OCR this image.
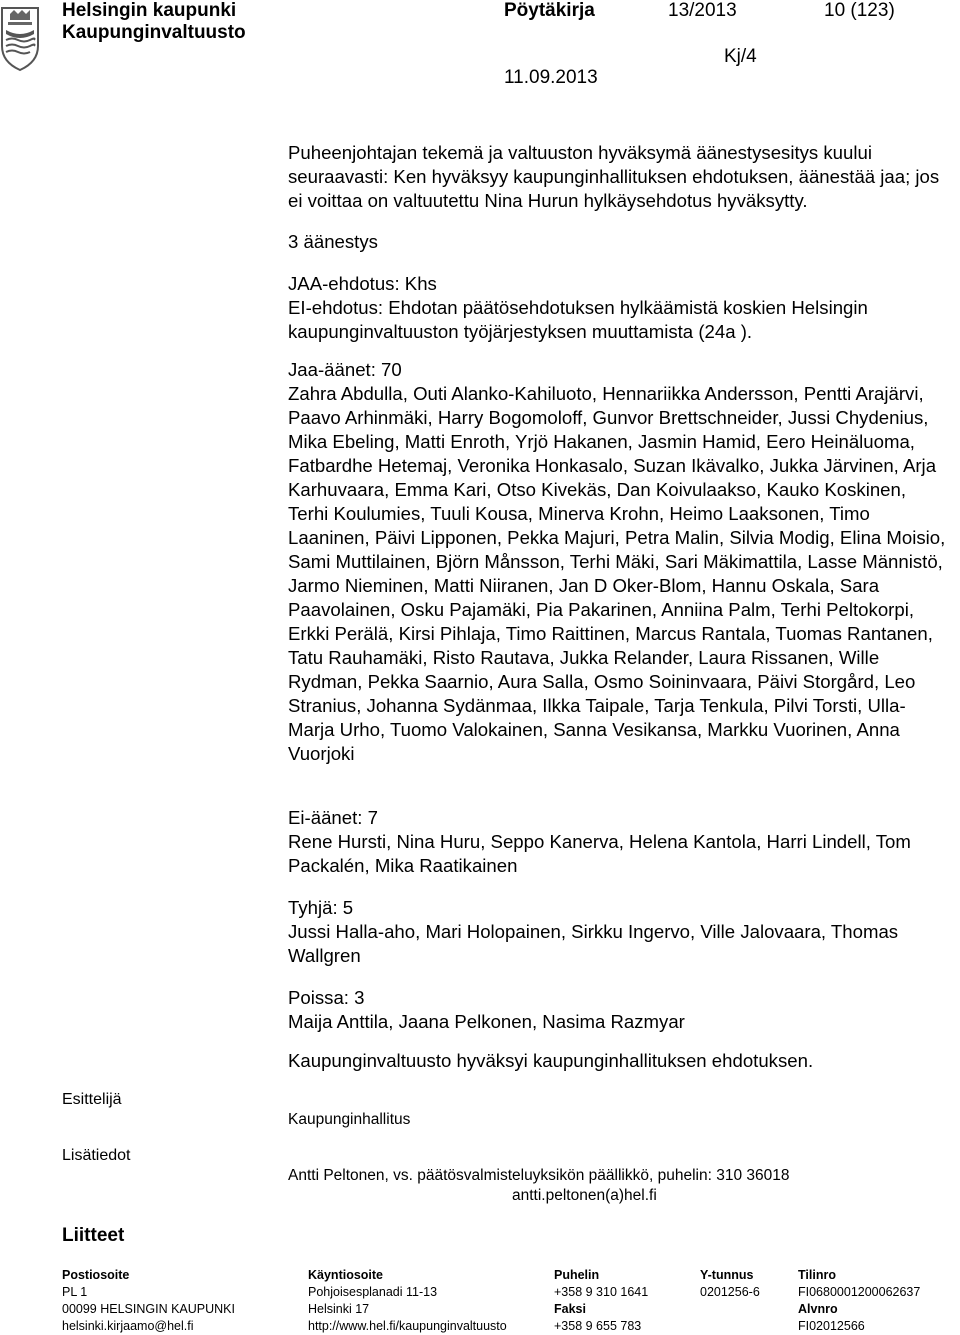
Helsingin kaupunki
Kaupunginvaltuusto
Pöytäkirja	13/2013	10 (123)
Kj/4
11.09.2013

Puheenjohtajan tekemä ja valtuuston hyväksymä äänestysesitys kuului seuraavasti: Ken hyväksyy kaupunginhallituksen ehdotuksen, äänestää jaa; jos ei voittaa on valtuutettu Nina Hurun hylkäysehdotus hyväksytty.

3 äänestys
JAA-ehdotus: Khs
EI-ehdotus: Ehdotan päätösehdotuksen hylkäämistä koskien Helsingin kaupunginvaltuuston työjärjestyksen muuttamista (24a ).
Jaa-äänet: 70
Zahra Abdulla, Outi Alanko-Kahiluoto, Hennariikka Andersson, Pentti Arajärvi, Paavo Arhinmäki, Harry Bogomoloff, Gunvor Brettschneider, Jussi Chydenius, Mika Ebeling, Matti Enroth, Yrjö Hakanen, Jasmin Hamid, Eero Heinäluoma, Fatbardhe Hetemaj, Veronika Honkasalo, Suzan Ikävalko, Jukka Järvinen, Arja Karhuvaara, Emma Kari, Otso Kivekäs, Dan Koivulaakso, Kauko Koskinen, Terhi Koulumies, Tuuli Kousa, Minerva Krohn, Heimo Laaksonen, Timo Laaninen, Päivi Lipponen, Pekka Majuri, Petra Malin, Silvia Modig, Elina Moisio, Sami Muttilainen, Björn Månsson, Terhi Mäki, Sari Mäkimattila, Lasse Männistö, Jarmo Nieminen, Matti Niiranen, Jan D Oker-Blom, Hannu Oskala, Sara Paavolainen, Osku Pajamäki, Pia Pakarinen, Anniina Palm, Terhi Peltokorpi, Erkki Perälä, Kirsi Pihlaja, Timo Raittinen, Marcus Rantala, Tuomas Rantanen, Tatu Rauhamäki, Risto Rautava, Jukka Relander, Laura Rissanen, Wille Rydman, Pekka Saarnio, Aura Salla, Osmo Soininvaara, Päivi Storgård, Leo Stranius, Johanna Sydänmaa, Ilkka Taipale, Tarja Tenkula, Pilvi Torsti, Ulla-Marja Urho, Tuomo Valokainen, Sanna Vesikansa, Markku Vuorinen, Anna Vuorjoki
Ei-äänet: 7
Rene Hursti, Nina Huru, Seppo Kanerva, Helena Kantola, Harri Lindell, Tom Packalén, Mika Raatikainen
Tyhjä: 5
Jussi Halla-aho, Mari Holopainen, Sirkku Ingervo, Ville Jalovaara, Thomas Wallgren
Poissa: 3
Maija Anttila, Jaana Pelkonen, Nasima Razmyar
Kaupunginvaltuusto hyväksyi kaupunginhallituksen ehdotuksen.
Esittelijä
Kaupunginhallitus
Lisätiedot
Antti Peltonen, vs. päätösvalmisteluyksikön päällikkö, puhelin: 310 36018
antti.peltonen(a)hel.fi
Liitteet
Postiosoite
PL 1
00099 HELSINGIN KAUPUNKI
helsinki.kirjaamo@hel.fi
Käyntiosoite
Pohjoisesplanadi 11-13
Helsinki 17
http://www.hel.fi/kaupunginvaltuusto
Puhelin
+358 9 310 1641
Faksi
+358 9 655 783
Y-tunnus
0201256-6
Tilinro
FI0680001200062637
Alvnro
FI02012566
